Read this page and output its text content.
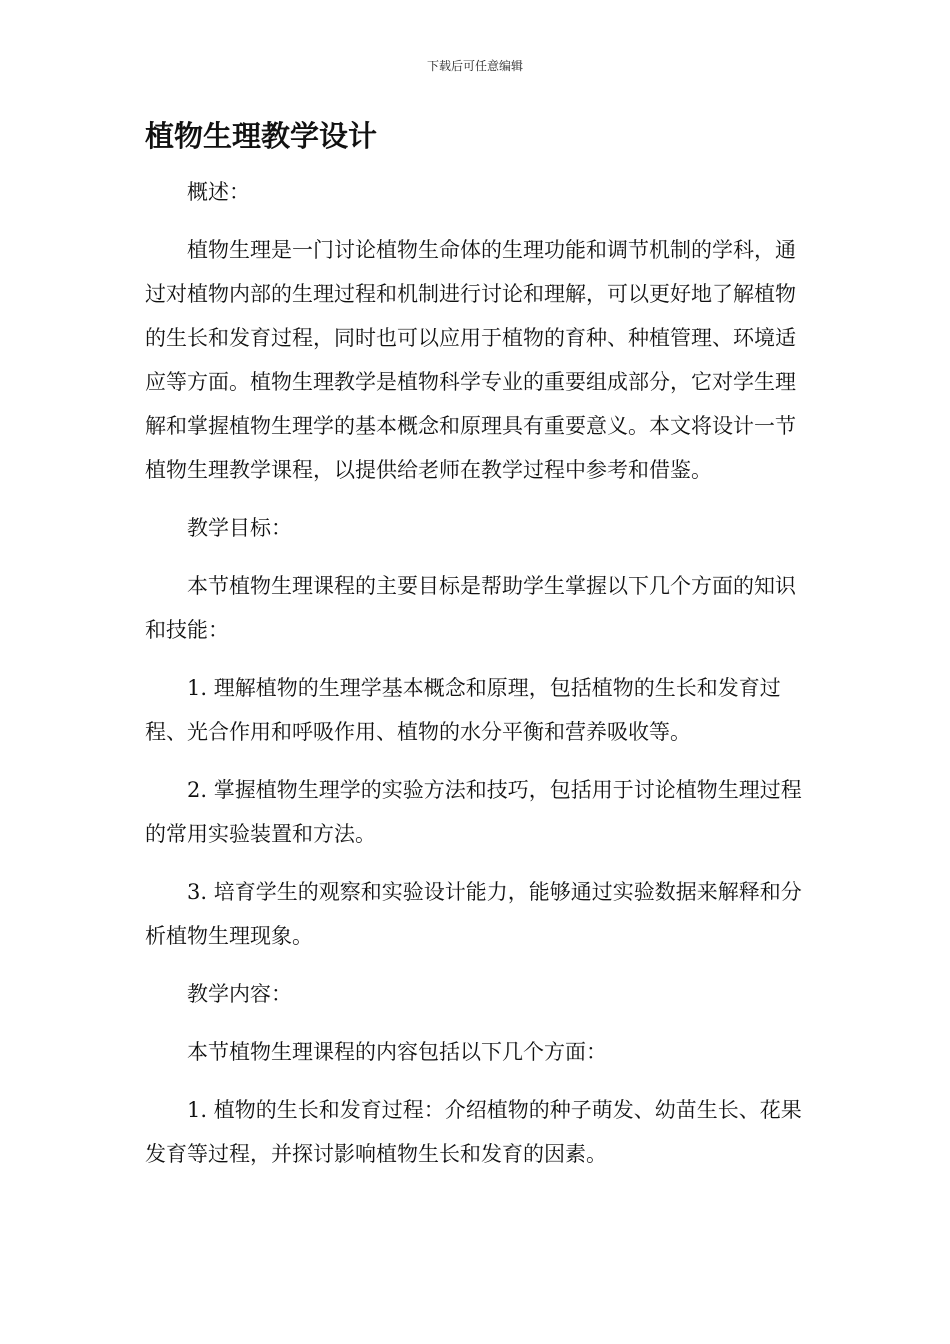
下载后可任意编辑
植物生理教学设计

概述：

植物生理是一门讨论植物生命体的生理功能和调节机制的学科，通过对植物内部的生理过程和机制进行讨论和理解，可以更好地了解植物的生长和发育过程，同时也可以应用于植物的育种、种植管理、环境适应等方面。植物生理教学是植物科学专业的重要组成部分，它对学生理解和掌握植物生理学的基本概念和原理具有重要意义。本文将设计一节植物生理教学课程，以提供给老师在教学过程中参考和借鉴。

教学目标：

本节植物生理课程的主要目标是帮助学生掌握以下几个方面的知识和技能：

1. 理解植物的生理学基本概念和原理，包括植物的生长和发育过程、光合作用和呼吸作用、植物的水分平衡和营养吸收等。

2. 掌握植物生理学的实验方法和技巧，包括用于讨论植物生理过程的常用实验装置和方法。

3. 培育学生的观察和实验设计能力，能够通过实验数据来解释和分析植物生理现象。

教学内容：

本节植物生理课程的内容包括以下几个方面：

1. 植物的生长和发育过程：介绍植物的种子萌发、幼苗生长、花果发育等过程，并探讨影响植物生长和发育的因素。
